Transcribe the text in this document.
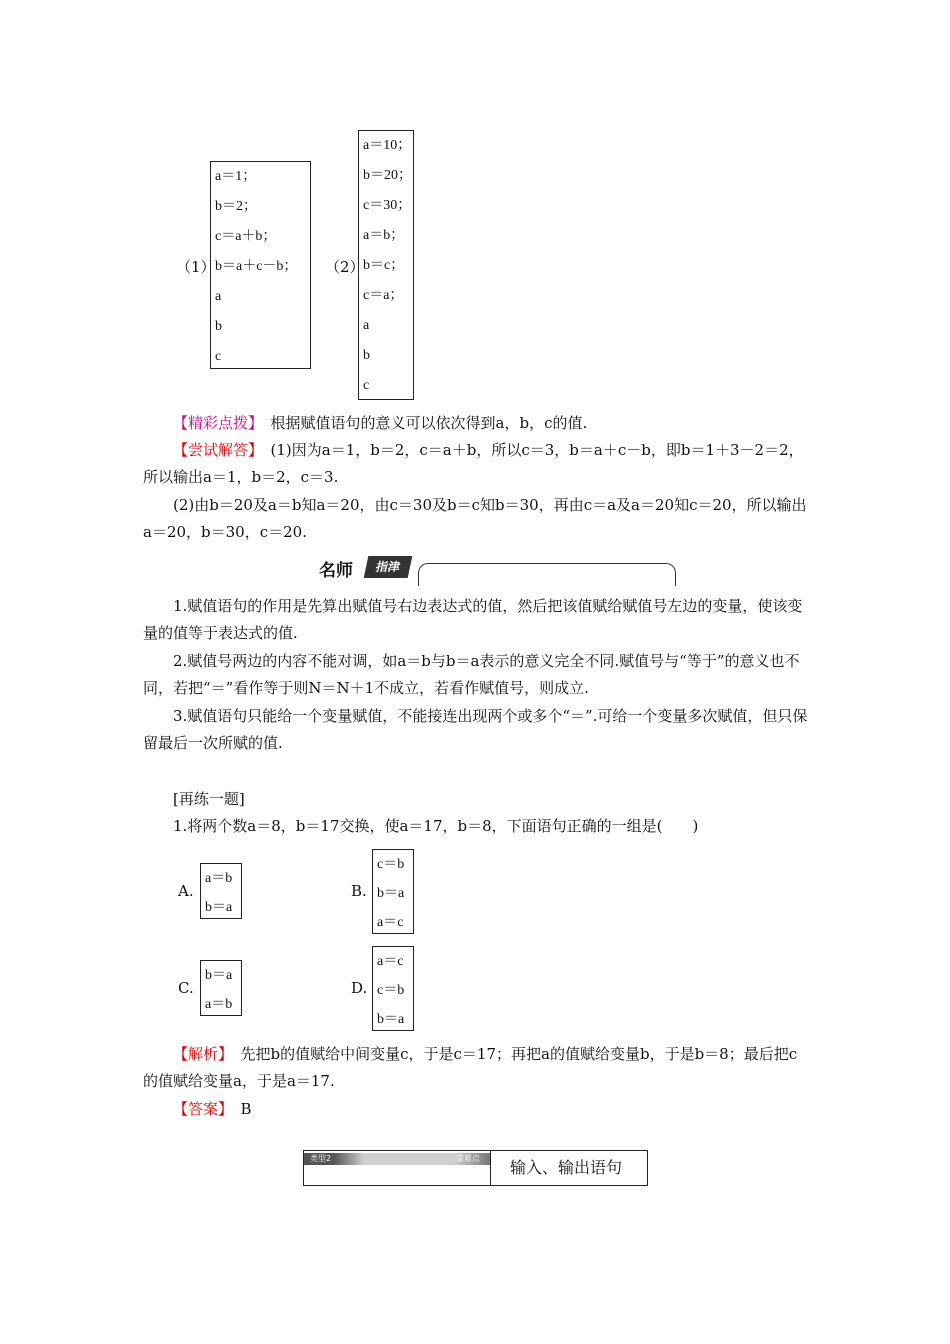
（1）
a＝1；
b＝2；
c＝a＋b；
b＝a＋c－b；
a
b
c
（2）
a＝10；
b＝20；
c＝30；
a＝b；
b＝c；
c＝a；
a
b
c
【精彩点拨】　 根据赋值语句的意义可以依次得到a，b，c的值.
【尝试解答】　 (1)因为a＝1，b＝2，c＝a＋b，所以c＝3，b＝a＋c－b，即b＝1＋3－2＝2，所以输出a＝1，b＝2，c＝3.
(2)由b＝20及a＝b知a＝20，由c＝30及b＝c知b＝30，再由c＝a及a＝20知c＝20，所以输出a＝20，b＝30，c＝20.
名师	指津
1.赋值语句的作用是先算出赋值号右边表达式的值，然后把该值赋给赋值号左边的变量，使该变量的值等于表达式的值.
2.赋值号两边的内容不能对调，如a＝b与b＝a表示的意义完全不同.赋值号与“等于”的意义也不同，若把“＝”看作等于则N＝N＋1不成立，若看作赋值号，则成立.
3.赋值语句只能给一个变量赋值，不能接连出现两个或多个“＝”.可给一个变量多次赋值，但只保留最后一次所赋的值.
[再练一题]
1.将两个数a＝8，b＝17交换，使a＝17，b＝8，下面语句正确的一组是(　　)
A.
a＝b
b＝a
B.
c＝b
b＝a
a＝c
C.
b＝a
a＝b
D.
a＝c
c＝b
b＝a
【解析】　 先把b的值赋给中间变量c，于是c＝17；再把a的值赋给变量b，于是b＝8；最后把c的值赋给变量a，于是a＝17.
【答案】　 B
类型2	重难点 输入、输出语句
